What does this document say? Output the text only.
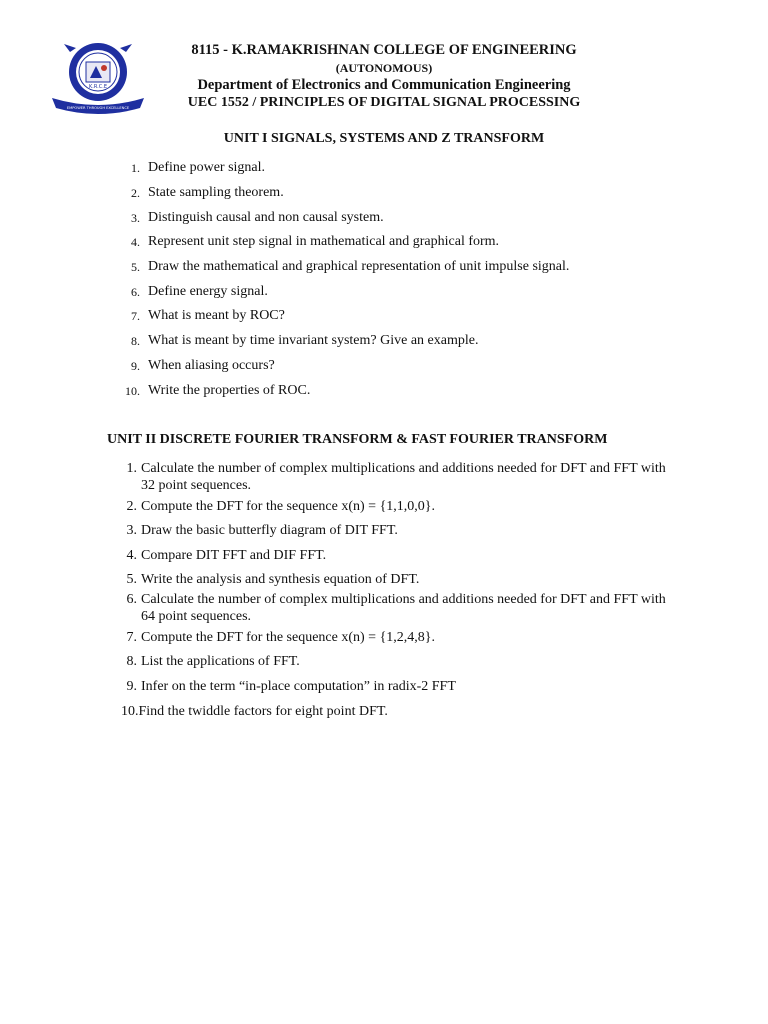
K.R.C.E
EMPOWER THROUGH EXCELLENCE
8115 - K.RAMAKRISHNAN COLLEGE OF ENGINEERING
(AUTONOMOUS)
Department of Electronics and Communication Engineering
UEC 1552 / PRINCIPLES OF DIGITAL SIGNAL PROCESSING
UNIT I SIGNALS, SYSTEMS AND Z TRANSFORM
1. Define power signal.
2. State sampling theorem.
3. Distinguish causal and non causal system.
4. Represent unit step signal in mathematical and graphical form.
5. Draw the mathematical and graphical representation of unit impulse signal.
6. Define energy signal.
7. What is meant by ROC?
8. What is meant by time invariant system? Give an example.
9. When aliasing occurs?
10. Write the properties of ROC.
UNIT II DISCRETE FOURIER TRANSFORM & FAST FOURIER TRANSFORM
1. Calculate the number of complex multiplications and additions needed for DFT and FFT with 32 point sequences.
2. Compute the DFT for the sequence x(n) = {1,1,0,0}.
3. Draw the basic butterfly diagram of DIT FFT.
4. Compare DIT FFT and DIF FFT.
5. Write the analysis and synthesis equation of DFT.
6. Calculate the number of complex multiplications and additions needed for DFT and FFT with 64 point sequences.
7. Compute the DFT for the sequence x(n) = {1,2,4,8}.
8. List the applications of FFT.
9. Infer on the term “in-place computation” in radix-2 FFT
10.Find the twiddle factors for eight point DFT.
